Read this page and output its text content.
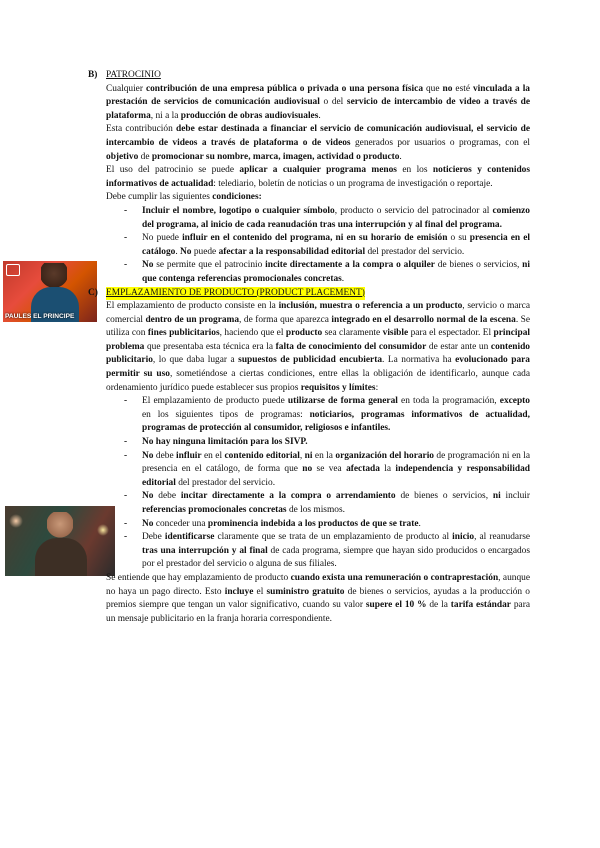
PAULES EL PRINCIPE
B) PATROCINIO

Cualquier contribución de una empresa pública o privada o una persona física que no esté vinculada a la prestación de servicios de comunicación audiovisual o del servicio de intercambio de video a través de plataforma, ni a la producción de obras audiovisuales.

Esta contribución debe estar destinada a financiar el servicio de comunicación audiovisual, el servicio de intercambio de videos a través de plataforma o de videos generados por usuarios o programas, con el objetivo de promocionar su nombre, marca, imagen, actividad o producto.

El uso del patrocinio se puede aplicar a cualquier programa menos en los noticieros y contenidos informativos de actualidad: telediario, boletín de noticias o un programa de investigación o reportaje.

Debe cumplir las siguientes condiciones:

- Incluir el nombre, logotipo o cualquier símbolo, producto o servicio del patrocinador al comienzo del programa, al inicio de cada reanudación tras una interrupción y al final del programa.
- No puede influir en el contenido del programa, ni en su horario de emisión o su presencia en el catálogo. No puede afectar a la responsabilidad editorial del prestador del servicio.
- No se permite que el patrocinio incite directamente a la compra o alquiler de bienes o servicios, ni que contenga referencias promocionales concretas.
C) EMPLAZAMIENTO DE PRODUCTO (PRODUCT PLACEMENT)

El emplazamiento de producto consiste en la inclusión, muestra o referencia a un producto, servicio o marca comercial dentro de un programa, de forma que aparezca integrado en el desarrollo normal de la escena. Se utiliza con fines publicitarios, haciendo que el producto sea claramente visible para el espectador. El principal problema que presentaba esta técnica era la falta de conocimiento del consumidor de estar ante un contenido publicitario, lo que daba lugar a supuestos de publicidad encubierta. La normativa ha evolucionado para permitir su uso, sometiéndose a ciertas condiciones, entre ellas la obligación de identificarlo, aunque cada ordenamiento jurídico puede establecer sus propios requisitos y límites:

- El emplazamiento de producto puede utilizarse de forma general en toda la programación, excepto en los siguientes tipos de programas: noticiarios, programas informativos de actualidad, programas de protección al consumidor, religiosos e infantiles.
- No hay ninguna limitación para los SIVP.
- No debe influir en el contenido editorial, ni en la organización del horario de programación ni en la presencia en el catálogo, de forma que no se vea afectada la independencia y responsabilidad editorial del prestador del servicio.
- No debe incitar directamente a la compra o arrendamiento de bienes o servicios, ni incluir referencias promocionales concretas de los mismos.
- No conceder una prominencia indebida a los productos de que se trate.
- Debe identificarse claramente que se trata de un emplazamiento de producto al inicio, al reanudarse tras una interrupción y al final de cada programa, siempre que hayan sido producidos o encargados por el prestador del servicio o alguna de sus filiales.

Se entiende que hay emplazamiento de producto cuando exista una remuneración o contraprestación, aunque no haya un pago directo. Esto incluye el suministro gratuito de bienes o servicios, ayudas a la producción o premios siempre que tengan un valor significativo, cuando su valor supere el 10 % de la tarifa estándar para un mensaje publicitario en la franja horaria correspondiente.
